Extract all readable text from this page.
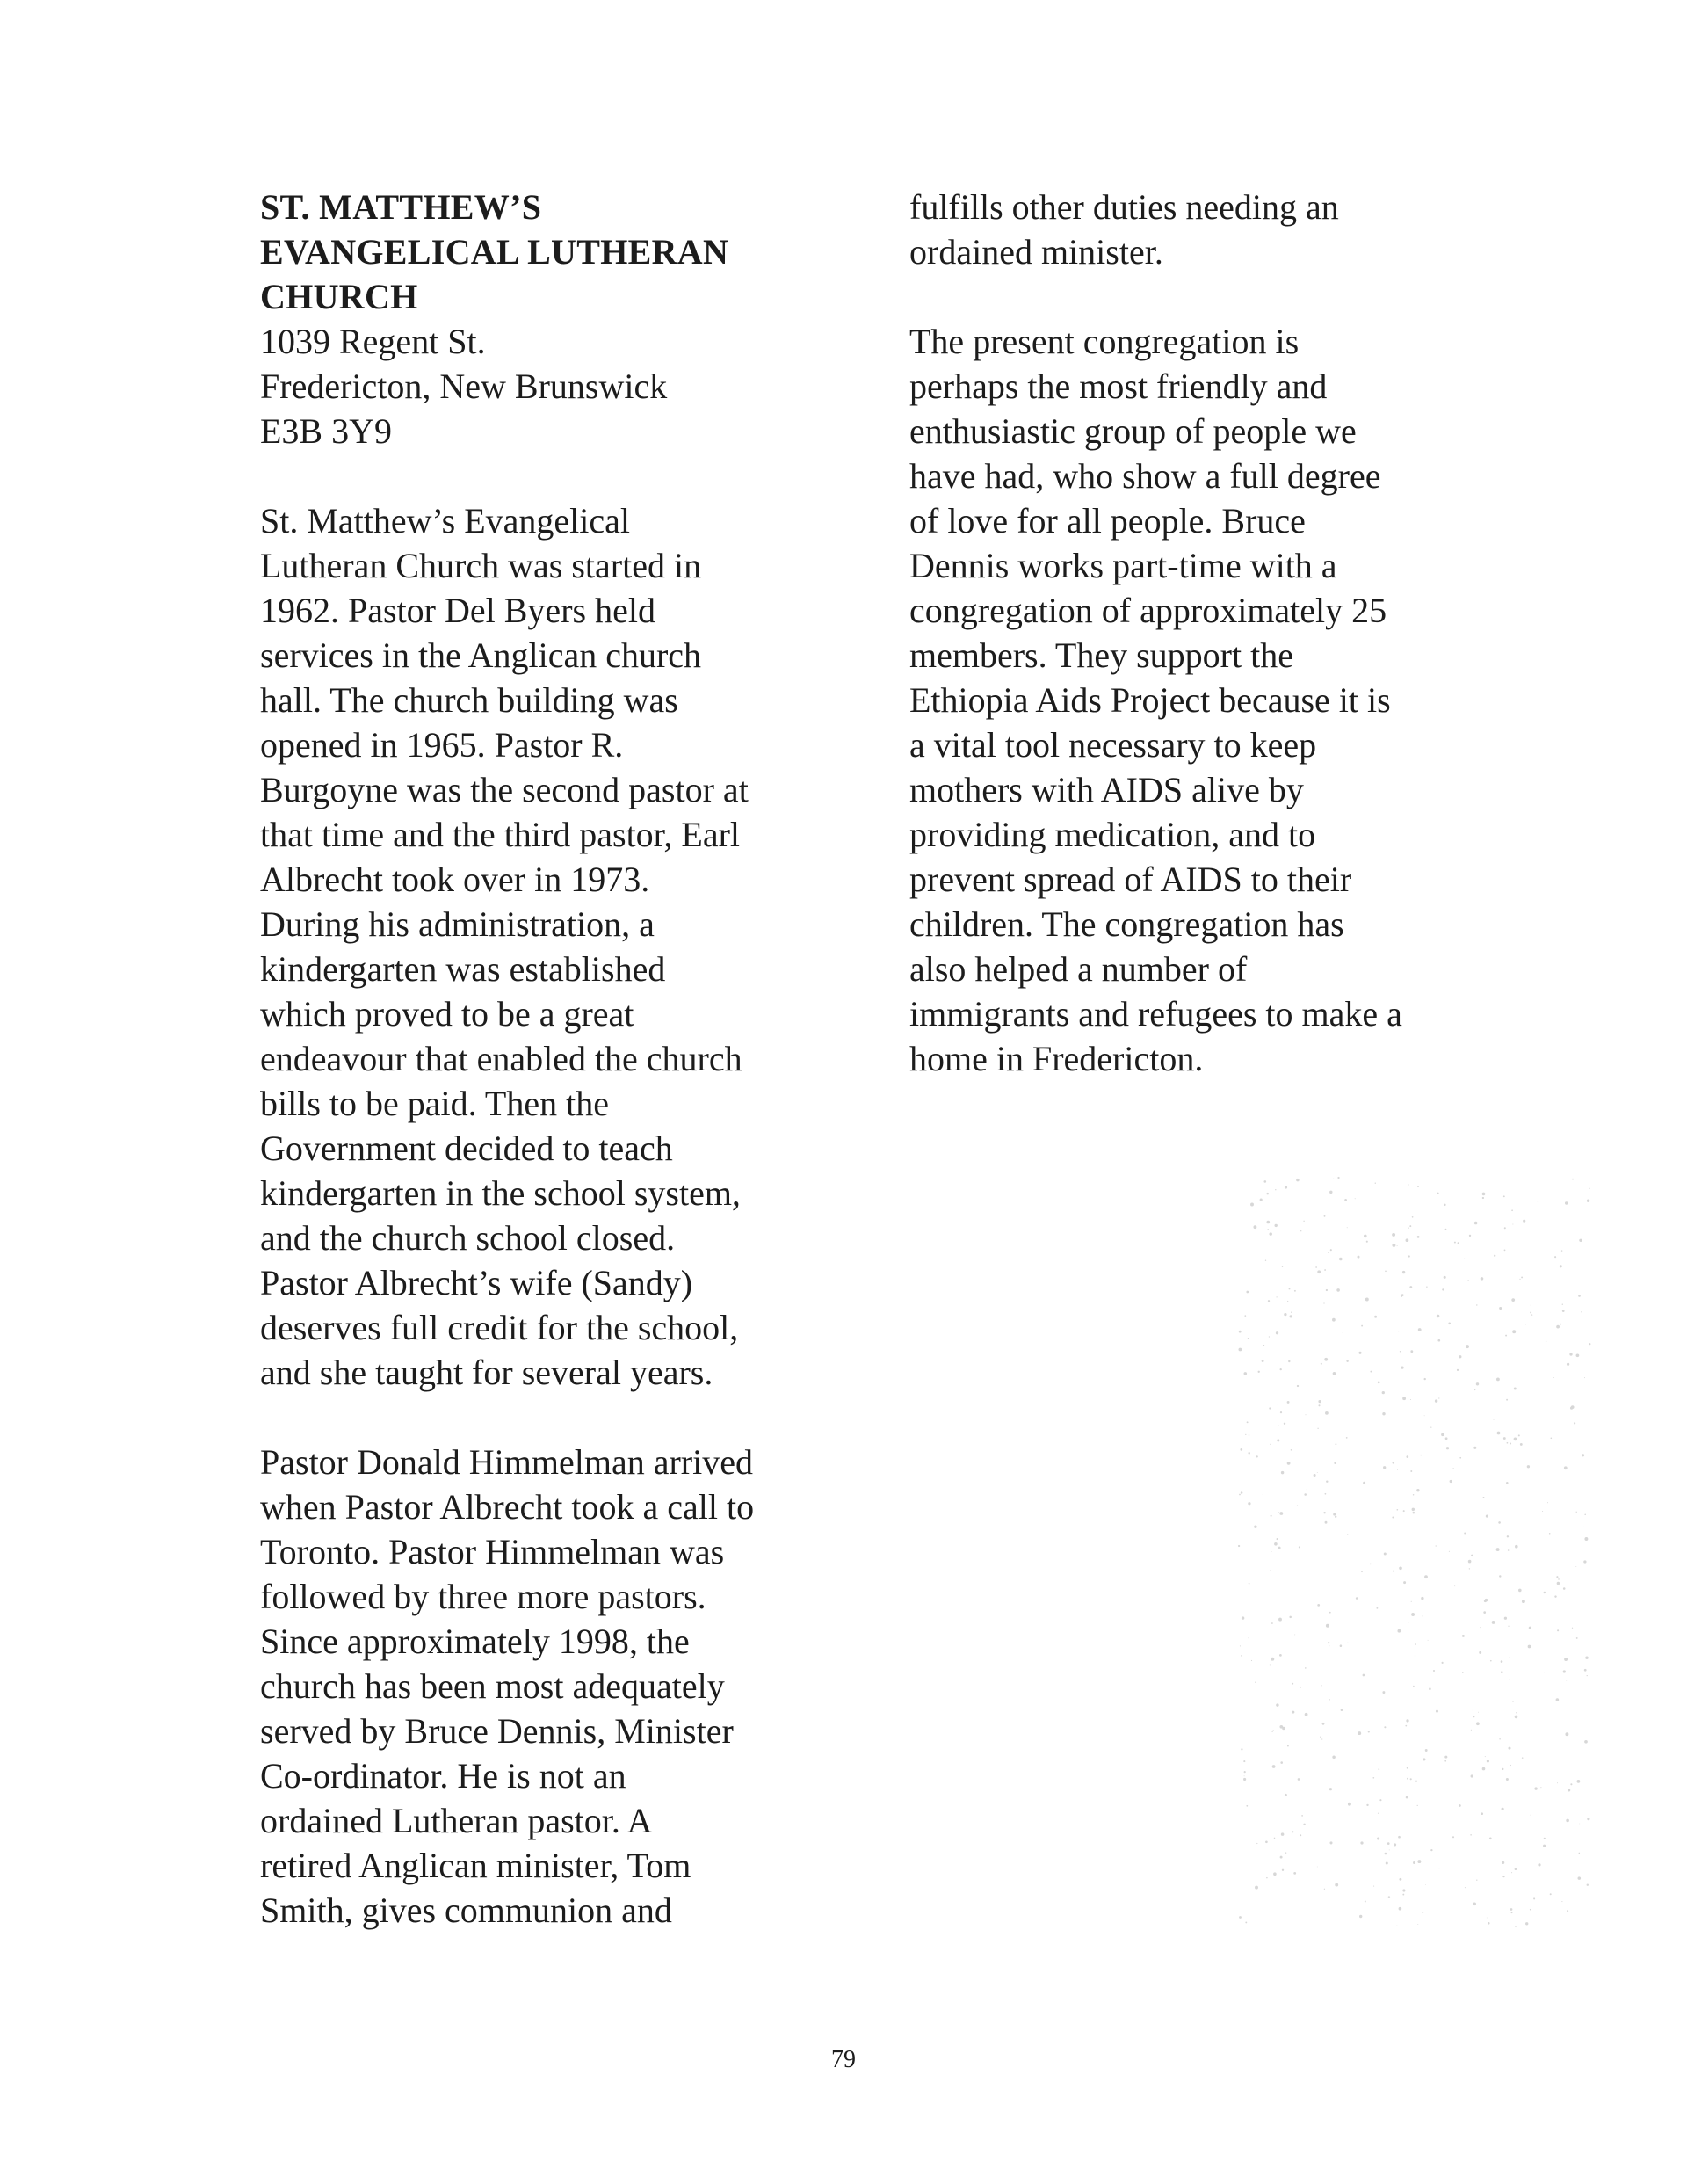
ST. MATTHEW’S
EVANGELICAL LUTHERAN
CHURCH
1039 Regent St.
Fredericton, New Brunswick
E3B 3Y9
St. Matthew’s Evangelical
Lutheran Church was started in
1962. Pastor Del Byers held
services in the Anglican church
hall. The church building was
opened in 1965. Pastor R.
Burgoyne was the second pastor at
that time and the third pastor, Earl
Albrecht took over in 1973.
During his administration, a
kindergarten was established
which proved to be a great
endeavour that enabled the church
bills to be paid. Then the
Government decided to teach
kindergarten in the school system,
and the church school closed.
Pastor Albrecht’s wife (Sandy)
deserves full credit for the school,
and she taught for several years.
Pastor Donald Himmelman arrived
when Pastor Albrecht took a call to
Toronto. Pastor Himmelman was
followed by three more pastors.
Since approximately 1998, the
church has been most adequately
served by Bruce Dennis, Minister
Co-ordinator. He is not an
ordained Lutheran pastor. A
retired Anglican minister, Tom
Smith, gives communion and
fulfills other duties needing an
ordained minister.
The present congregation is
perhaps the most friendly and
enthusiastic group of people we
have had, who show a full degree
of love for all people. Bruce
Dennis works part-time with a
congregation of approximately 25
members. They support the
Ethiopia Aids Project because it is
a vital tool necessary to keep
mothers with AIDS alive by
providing medication, and to
prevent spread of AIDS to their
children. The congregation has
also helped a number of
immigrants and refugees to make a
home in Fredericton.
79
